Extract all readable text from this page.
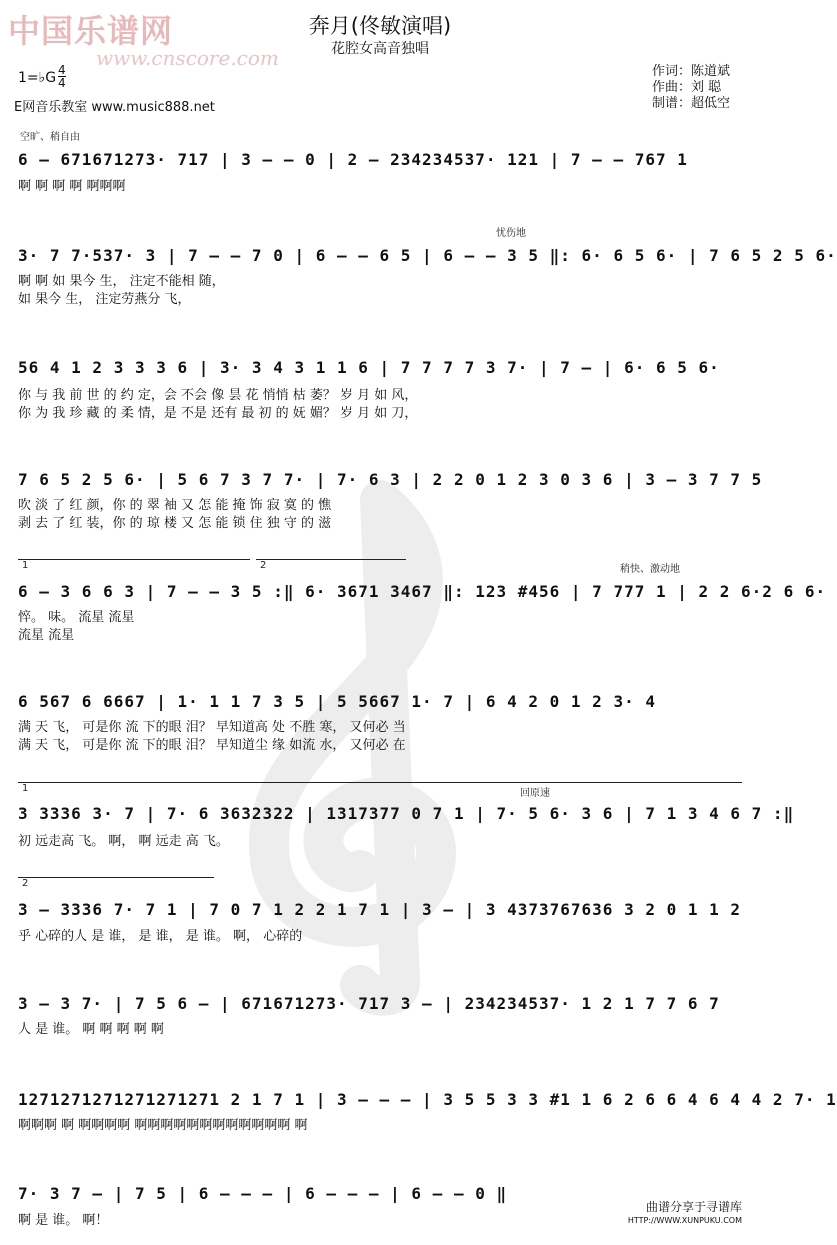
中国乐谱网
www.cnscore.com
奔月(佟敏演唱)
花腔女高音独唱
1=♭G 4
4
E网音乐教室 www.music888.net
作词：陈道斌
作曲：刘 聪
制谱：超低空
空旷、稍自由
忧伤地
1	2	稍快、激动地
1	回原速
2
6 – 671671273· 717 | 3 – – 0 | 2 – 234234537· 121 | 7 – – 767 1
啊 啊 啊 啊 啊啊啊
3· 7 7·537· 3 | 7 – – 7 0 | 6 – – 6 5 | 6 – – 3 5 ‖: 6· 6 5 6· | 7 6 5 2 5 6·
啊 啊 如 果今 生， 注定不能相 随，
如 果今 生， 注定劳燕分 飞，
56 4 1 2 3 3 3 6 | 3· 3 4 3 1 1 6 | 7 7 7 7 3 7· | 7 – | 6· 6 5 6·
你 与 我 前 世 的 约 定，会 不会 像 昙 花 悄悄 枯 萎？ 岁 月 如 风，
你 为 我 珍 藏 的 柔 情，是 不是 还有 最 初 的 妩 媚？ 岁 月 如 刀，
7 6 5 2 5 6· | 5 6 7 3 7 7· | 7· 6 3 | 2 2 0 1 2 3 0 3 6 | 3 – 3 7 7 5
吹 淡 了 红 颜，你 的 翠 袖 又 怎 能 掩 饰 寂 寞 的 憔
剥 去 了 红 装，你 的 琼 楼 又 怎 能 锁 住 独 守 的 滋
6 – 3 6 6 3 | 7 – – 3 5 :‖ 6· 3671 3467 ‖: 123 #456 | 7 777 1 | 2 2 6·2 6 6·
悴。 味。 流星 流星
流星 流星
6 567 6 6667 | 1· 1 1 7 3 5 | 5 5667 1· 7 | 6 4 2 0 1 2 3· 4
满 天 飞， 可是你 流 下的眼 泪？ 早知道高 处 不胜 寒， 又何必 当
满 天 飞， 可是你 流 下的眼 泪？ 早知道尘 缘 如流 水， 又何必 在
3 3336 3· 7 | 7· 6 3632322 | 1317377 0 7 1 | 7· 5 6· 3 6 | 7 1 3 4 6 7 :‖
初 远走高 飞。 啊， 啊 远走 高 飞。
3 – 3336 7· 7 1 | 7 0 7 1 2 2 1 7 1 | 3 – | 3 4373767636 3 2 0 1 1 2
乎 心碎的人 是 谁， 是 谁， 是 谁。 啊， 心碎的
3 – 3 7· | 7 5 6 – | 671671273· 717 3 – | 234234537· 1 2 1 7 7 6 7
人 是 谁。 啊 啊 啊 啊 啊
1271271271271271271 2 1 7 1 | 3 – – – | 3 5 5 3 3 #1 1 6 2 6 6 4 6 4 4 2 7· 1
啊啊啊 啊 啊啊啊啊 啊啊啊啊啊啊啊啊啊啊啊啊 啊
7· 3 7 – | 7 5 | 6 – – – | 6 – – – | 6 – – 0 ‖
啊 是 谁。 啊！
曲谱分享于寻谱库
HTTP://WWW.XUNPUKU.COM
